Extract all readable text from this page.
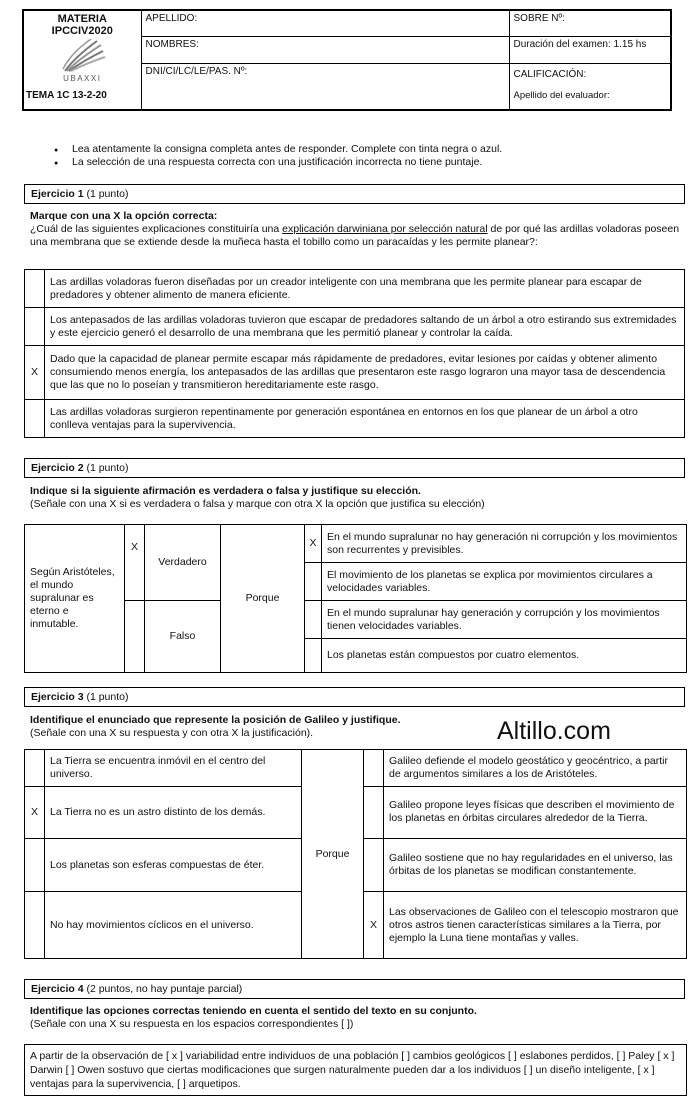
MATERIA
IPCCIV2020
UBAXXI
TEMA 1C 13-2-20	APELLIDO:	SOBRE Nº:
	NOMBRES:	Duración del examen: 1.15 hs
	DNI/CI/LC/LE/PAS. Nº:	CALIFICACIÓN:
Apellido del evaluador:
● Lea atentamente la consigna completa antes de responder. Complete con tinta negra o azul.
● La selección de una respuesta correcta con una justificación incorrecta no tiene puntaje.
Ejercicio 1 (1 punto)
Marque con una X la opción correcta:
¿Cuál de las siguientes explicaciones constituiría una explicación darwiniana por selección natural de por qué las ardillas voladoras poseen una membrana que se extiende desde la muñeca hasta el tobillo como un paracaídas y les permite planear?:
	Las ardillas voladoras fueron diseñadas por un creador inteligente con una membrana que les permite planear para escapar de predadores y obtener alimento de manera eficiente.
	Los antepasados de las ardillas voladoras tuvieron que escapar de predadores saltando de un árbol a otro estirando sus extremidades y este ejercicio generó el desarrollo de una membrana que les permitió planear y controlar la caída.
X	Dado que la capacidad de planear permite escapar más rápidamente de predadores, evitar lesiones por caídas y obtener alimento consumiendo menos energía, los antepasados de las ardillas que presentaron este rasgo lograron una mayor tasa de descendencia que las que no lo poseían y transmitieron hereditariamente este rasgo.
	Las ardillas voladoras surgieron repentinamente por generación espontánea en entornos en los que planear de un árbol a otro conlleva ventajas para la supervivencia.
Ejercicio 2 (1 punto)
Indique si la siguiente afirmación es verdadera o falsa y justifique su elección.
(Señale con una X si es verdadera o falsa y marque con otra X la opción que justifica su elección)
Según Aristóteles, el mundo supralunar es eterno e inmutable.	X	Verdadero	Porque	X	En el mundo supralunar no hay generación ni corrupción y los movimientos son recurrentes y previsibles.
					El movimiento de los planetas se explica por movimientos circulares a velocidades variables.
		Falso			En el mundo supralunar hay generación y corrupción y los movimientos tienen velocidades variables.
					Los planetas están compuestos por cuatro elementos.
Ejercicio 3 (1 punto)
Identifique el enunciado que represente la posición de Galileo y justifique.
(Señale con una X su respuesta y con otra X la justificación).	Altillo.com
	La Tierra se encuentra inmóvil en el centro del universo.	Porque		Galileo defiende el modelo geostático y geocéntrico, a partir de argumentos similares a los de Aristóteles.
X	La Tierra no es un astro distinto de los demás.			Galileo propone leyes físicas que describen el movimiento de los planetas en órbitas circulares alrededor de la Tierra.
	Los planetas son esferas compuestas de éter.			Galileo sostiene que no hay regularidades en el universo, las órbitas de los planetas se modifican constantemente.
	No hay movimientos cíclicos en el universo.		X	Las observaciones de Galileo con el telescopio mostraron que otros astros tienen características similares a la Tierra, por ejemplo la Luna tiene montañas y valles.
Ejercicio 4 (2 puntos, no hay puntaje parcial)
Identifique las opciones correctas teniendo en cuenta el sentido del texto en su conjunto.
(Señale con una X su respuesta en los espacios correspondientes [ ])
A partir de la observación de [ x ] variabilidad entre individuos de una población [ ] cambios geológicos [ ] eslabones perdidos, [ ] Paley [ x ] Darwin [ ] Owen sostuvo que ciertas modificaciones que surgen naturalmente pueden dar a los individuos [ ] un diseño inteligente, [ x ] ventajas para la supervivencia, [ ] arquetipos.
